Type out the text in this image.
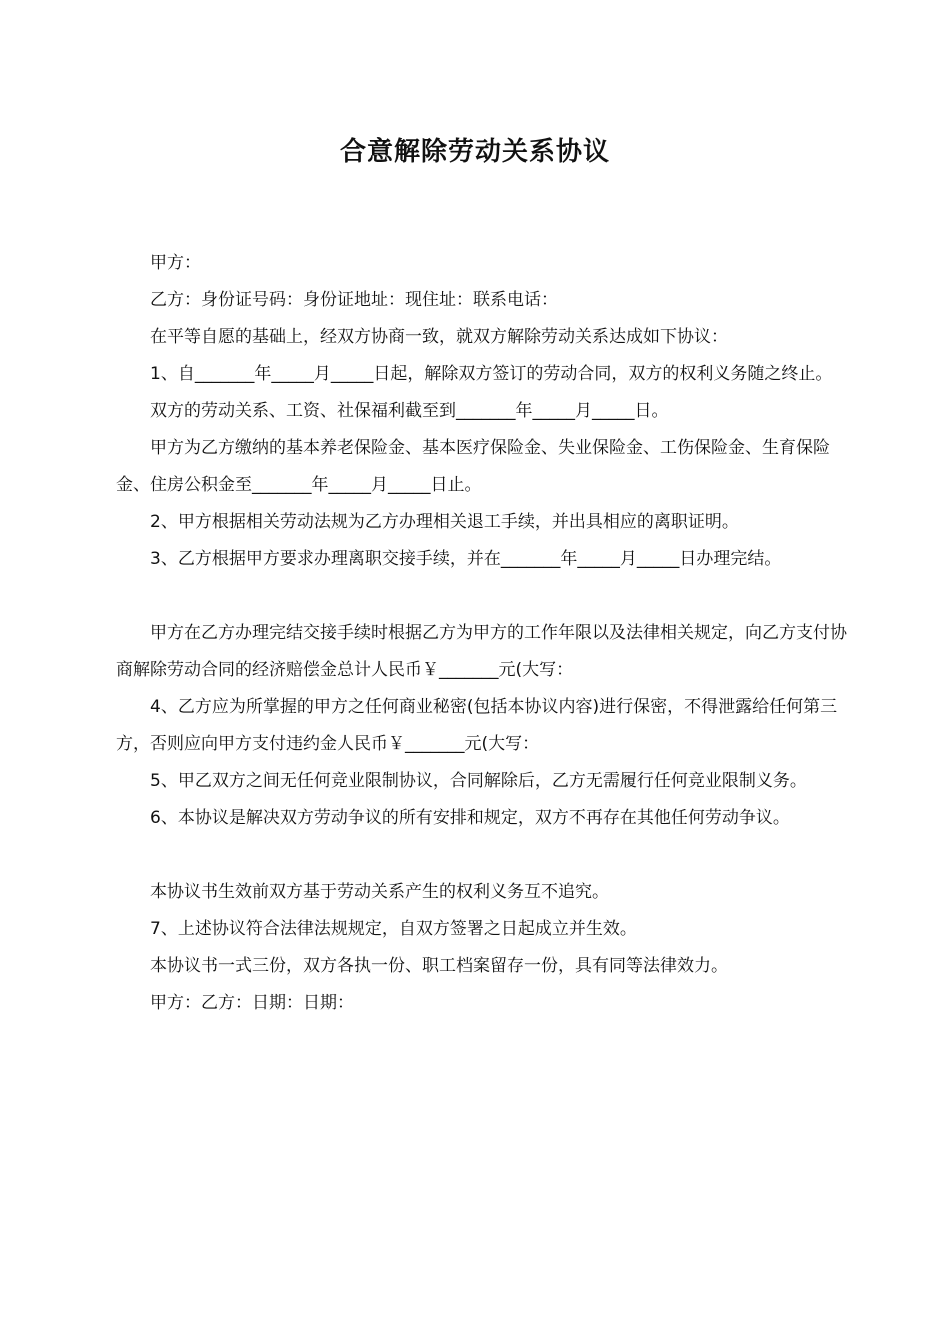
合意解除劳动关系协议

甲方：

乙方：身份证号码：身份证地址：现住址：联系电话：

在平等自愿的基础上，经双方协商一致，就双方解除劳动关系达成如下协议：

1、自_______年_____月_____日起，解除双方签订的劳动合同，双方的权利义务随之终止。

双方的劳动关系、工资、社保福利截至到_______年_____月_____日。

甲方为乙方缴纳的基本养老保险金、基本医疗保险金、失业保险金、工伤保险金、生育保险金、住房公积金至_______年_____月_____日止。

2、甲方根据相关劳动法规为乙方办理相关退工手续，并出具相应的离职证明。

3、乙方根据甲方要求办理离职交接手续，并在_______年_____月_____日办理完结。

甲方在乙方办理完结交接手续时根据乙方为甲方的工作年限以及法律相关规定，向乙方支付协商解除劳动合同的经济赔偿金总计人民币￥_______元(大写：

4、乙方应为所掌握的甲方之任何商业秘密(包括本协议内容)进行保密，不得泄露给任何第三方，否则应向甲方支付违约金人民币￥_______元(大写：

5、甲乙双方之间无任何竞业限制协议，合同解除后，乙方无需履行任何竞业限制义务。

6、本协议是解决双方劳动争议的所有安排和规定，双方不再存在其他任何劳动争议。

本协议书生效前双方基于劳动关系产生的权利义务互不追究。

7、上述协议符合法律法规规定，自双方签署之日起成立并生效。

本协议书一式三份，双方各执一份、职工档案留存一份，具有同等法律效力。

甲方：乙方：日期：日期：
